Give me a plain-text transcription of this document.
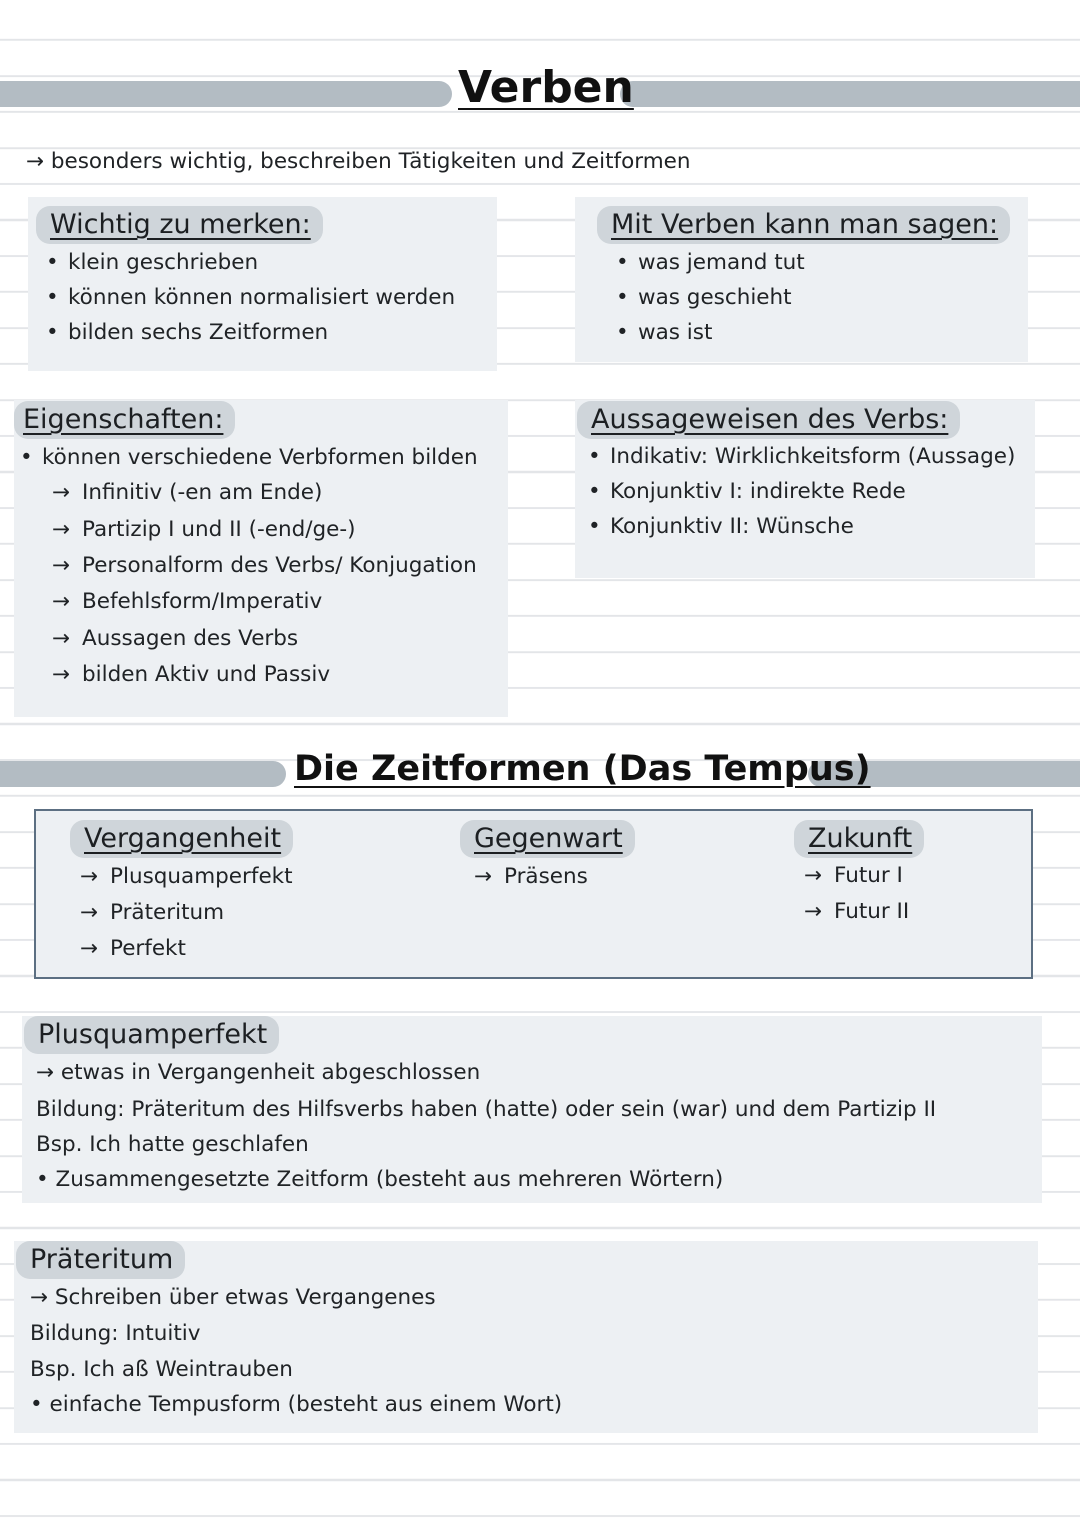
Verben
→ besonders wichtig, beschreiben Tätigkeiten und Zeitformen
Wichtig zu merken:
• klein geschrieben
• können können normalisiert werden
• bilden sechs Zeitformen
Mit Verben kann man sagen:
• was jemand tut
• was geschieht
• was ist
Eigenschaften:
• können verschiedene Verbformen bilden
→ Infinitiv (-en am Ende)
→ Partizip I und II (-end/ge-)
→ Personalform des Verbs/ Konjugation
→ Befehlsform/Imperativ
→ Aussagen des Verbs
→ bilden Aktiv und Passiv
Aussageweisen des Verbs:
• Indikativ: Wirklichkeitsform (Aussage)
• Konjunktiv I: indirekte Rede
• Konjunktiv II: Wünsche
Die Zeitformen (Das Tempus)
Vergangenheit
→ Plusquamperfekt
→ Präteritum
→ Perfekt
Gegenwart
→ Präsens
Zukunft
→ Futur I
→ Futur II
Plusquamperfekt
→ etwas in Vergangenheit abgeschlossen
Bildung: Präteritum des Hilfsverbs haben (hatte) oder sein (war) und dem Partizip II
Bsp. Ich hatte geschlafen
• Zusammengesetzte Zeitform (besteht aus mehreren Wörtern)
Präteritum
→ Schreiben über etwas Vergangenes
Bildung: Intuitiv
Bsp. Ich aß Weintrauben
• einfache Tempusform (besteht aus einem Wort)
